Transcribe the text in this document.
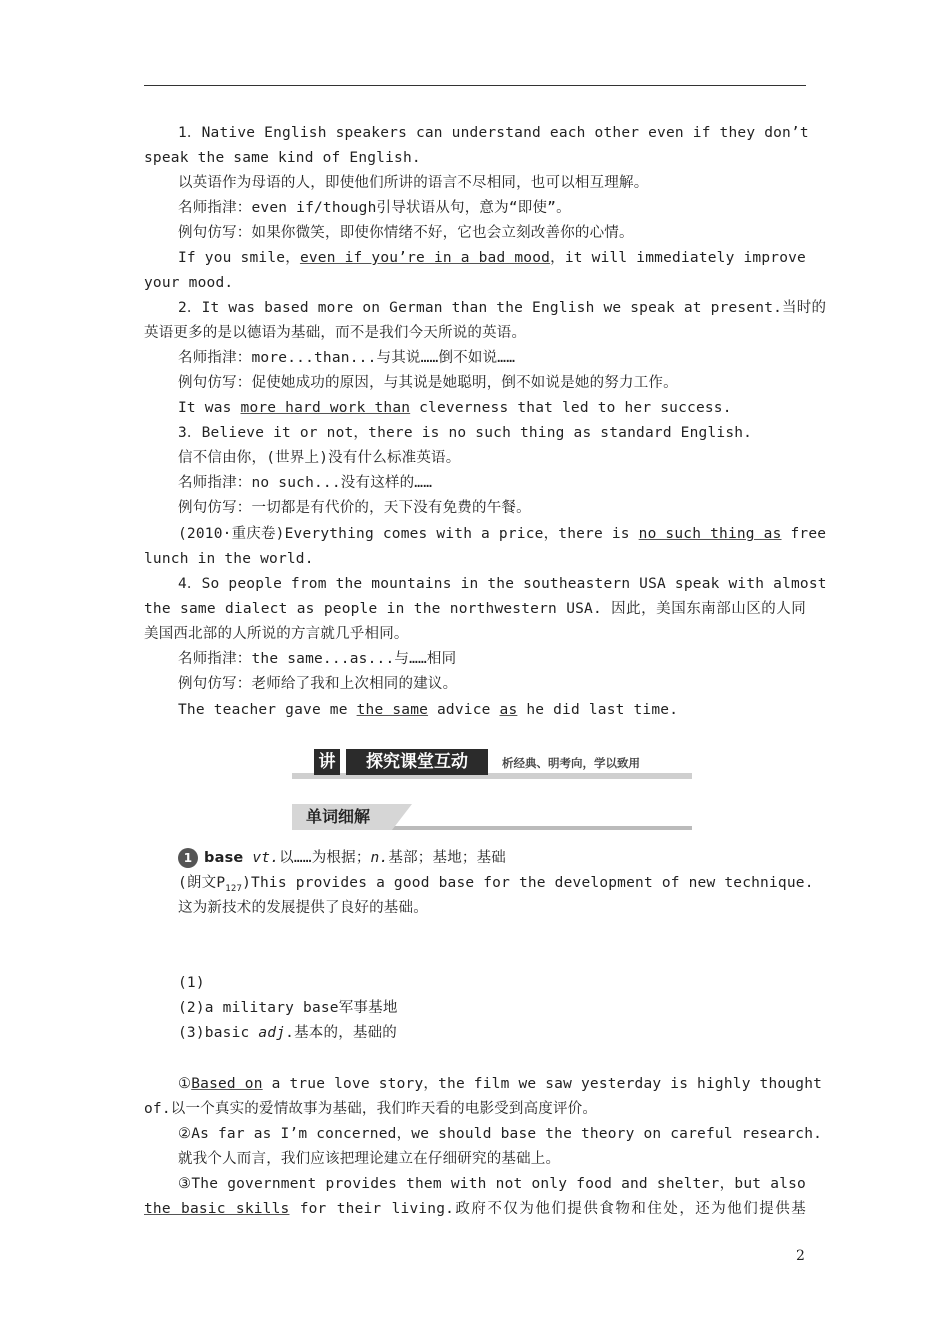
1．Native English speakers can understand each other even if they don’t
speak the same kind of English.
以英语作为母语的人，即使他们所讲的语言不尽相同，也可以相互理解。
名师指津：even if/though引导状语从句，意为“即使”。
例句仿写：如果你微笑，即使你情绪不好，它也会立刻改善你的心情。
If you smile，even if you’re in a bad mood，it will immediately improve
your mood.
2．It was based more on German than the English we speak at present.当时的
英语更多的是以德语为基础，而不是我们今天所说的英语。
名师指津：more...than...与其说……倒不如说……
例句仿写：促使她成功的原因，与其说是她聪明，倒不如说是她的努力工作。
It was more hard work than cleverness that led to her success.
3．Believe it or not，there is no such thing as standard English.
信不信由你，(世界上)没有什么标准英语。
名师指津：no such...没有这样的……
例句仿写：一切都是有代价的，天下没有免费的午餐。
(2010·重庆卷)Everything comes with a price，there is no such thing as free
lunch in the world.
4．So people from the mountains in the southeastern USA speak with almost
the same dialect as people in the northwestern USA. 因此，美国东南部山区的人同
美国西北部的人所说的方言就几乎相同。
名师指津：the same...as...与……相同
例句仿写：老师给了我和上次相同的建议。
The teacher gave me the same advice as he did last time.
讲	探究课堂互动	析经典、明考向，学以致用
单词细解
1 base vt.以……为根据；n.基部；基地；基础
(朗文$P_{127})This$ provides a good base for the development of new technique.
这为新技术的发展提供了良好的基础。
(1)
(2)a military base军事基地
(3)basic adj.基本的，基础的
①Based on a true love story，the film we saw yesterday is highly thought
of.以一个真实的爱情故事为基础，我们昨天看的电影受到高度评价。
②As far as I’m concerned，we should base the theory on careful research.
就我个人而言，我们应该把理论建立在仔细研究的基础上。
③The government provides them with not only food and shelter，but also
the basic skills for their living.政府不仅为他们提供食物和住处，还为他们提供基
2
